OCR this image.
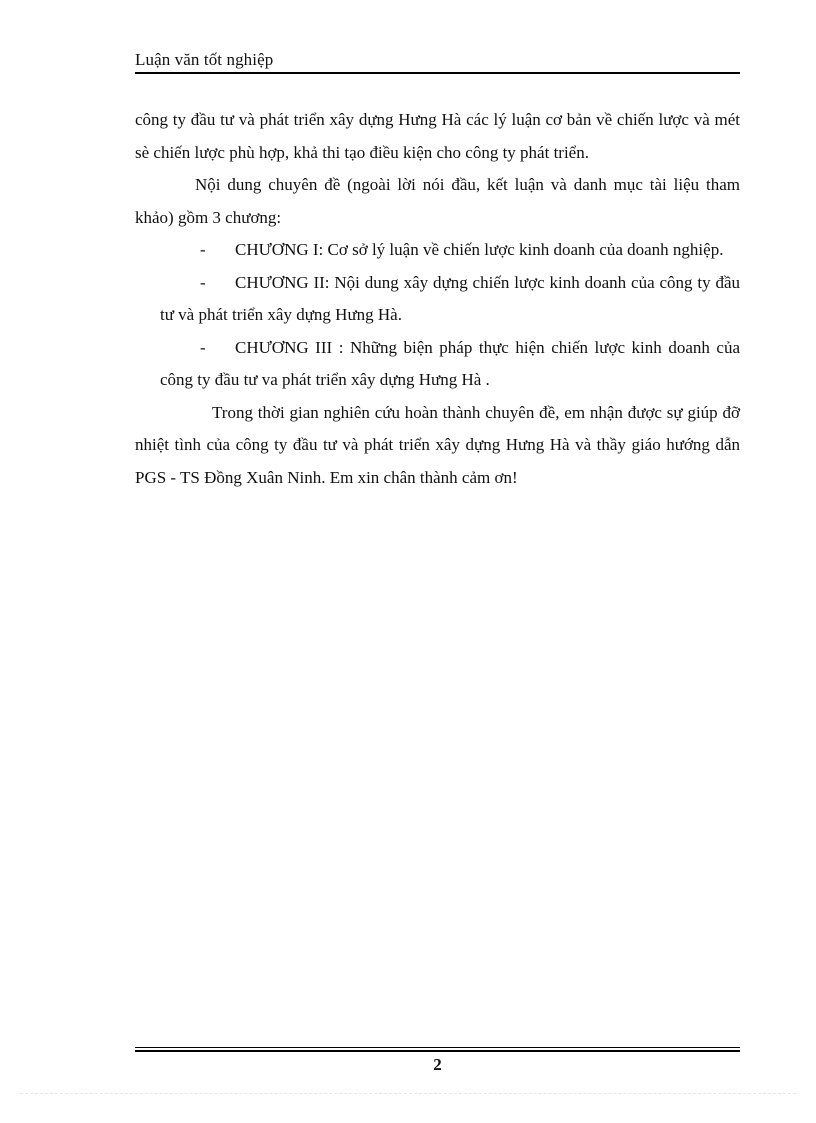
Luận văn tốt nghiệp

công ty đầu tư và phát triển xây dựng Hưng Hà các lý luận cơ bản về chiến lược và mét sè chiến lược phù hợp, khả thi tạo điều kiện cho công ty phát triển.

Nội dung chuyên đề (ngoài lời nói đầu, kết luận và danh mục tài liệu tham khảo) gồm 3 chương:

- CHƯƠNG I: Cơ sở lý luận về chiến lược kinh doanh của doanh nghiệp.
- CHƯƠNG II: Nội dung xây dựng chiến lược kinh doanh của công ty đầu tư và phát triển xây dựng Hưng Hà.
- CHƯƠNG III : Những biện pháp thực hiện chiến lược kinh doanh của công ty đầu tư va phát triển xây dựng Hưng Hà .

Trong thời gian nghiên cứu hoàn thành chuyên đề, em nhận được sự giúp đỡ nhiệt tình của công ty đầu tư và phát triển xây dựng Hưng Hà và thầy giáo hướng dẫn PGS - TS Đồng Xuân Ninh. Em xin chân thành cảm ơn!

2
